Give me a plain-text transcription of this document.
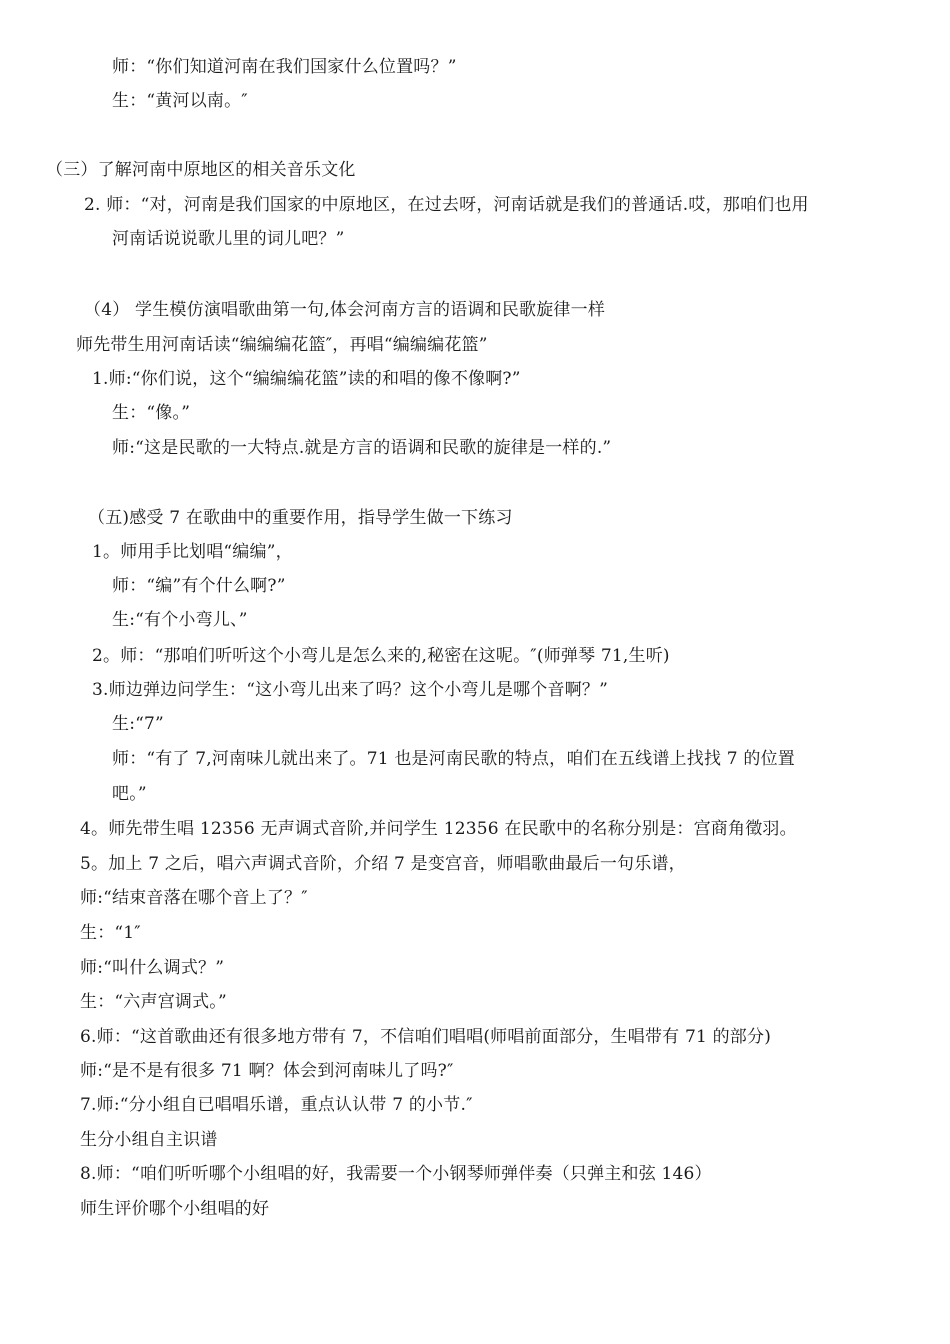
师：“你们知道河南在我们国家什么位置吗？”
生：“黄河以南。″
（三）了解河南中原地区的相关音乐文化
2. 师：“对，河南是我们国家的中原地区，在过去呀，河南话就是我们的普通话.哎，那咱们也用
河南话说说歌儿里的词儿吧？”
（4） 学生模仿演唱歌曲第一句,体会河南方言的语调和民歌旋律一样
师先带生用河南话读“编编编花篮″，再唱“编编编花篮”
1.师:“你们说，这个“编编编花篮”读的和唱的像不像啊?”
生：“像。”
师:“这是民歌的一大特点.就是方言的语调和民歌的旋律是一样的.”
（五)感受 7 在歌曲中的重要作用，指导学生做一下练习
1。师用手比划唱“编编”，
师：“编”有个什么啊?”
生:“有个小弯儿、”
2。师：“那咱们听听这个小弯儿是怎么来的,秘密在这呢。″(师弹琴 71,生听)
3.师边弹边问学生：“这小弯儿出来了吗？这个小弯儿是哪个音啊？”
生:“7”
师：“有了 7,河南味儿就出来了。71 也是河南民歌的特点，咱们在五线谱上找找 7 的位置
吧。”
4。师先带生唱 12356 无声调式音阶,并问学生 12356 在民歌中的名称分别是：宫商角徵羽。
5。加上 7 之后，唱六声调式音阶，介绍 7 是变宫音，师唱歌曲最后一句乐谱，
师:“结束音落在哪个音上了？″
生：“1″
师:“叫什么调式？”
生：“六声宫调式。”
6.师：“这首歌曲还有很多地方带有 7，不信咱们唱唱(师唱前面部分，生唱带有 71 的部分)
师:“是不是有很多 71 啊？体会到河南味儿了吗?″
7.师:“分小组自已唱唱乐谱，重点认认带 7 的小节.″
生分小组自主识谱
8.师：“咱们听听哪个小组唱的好，我需要一个小钢琴师弹伴奏（只弹主和弦 146）
师生评价哪个小组唱的好
